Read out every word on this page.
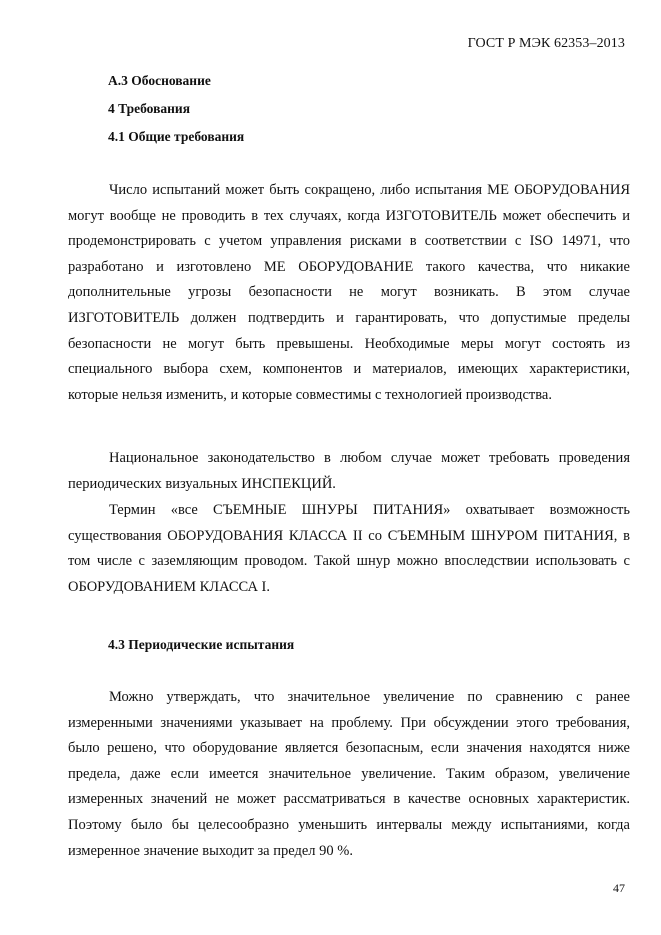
ГОСТ Р МЭК 62353–2013
А.3 Обоснование
4 Требования
4.1 Общие требования

Число испытаний может быть сокращено, либо испытания МЕ ОБОРУДОВАНИЯ могут вообще не проводить в тех случаях, когда ИЗГОТОВИТЕЛЬ может обеспечить и продемонстрировать с учетом управления рисками в соответствии с ISO 14971, что разработано и изготовлено МЕ ОБОРУДОВАНИЕ такого качества, что никакие дополнительные угрозы безопасности не могут возникать. В этом случае ИЗГОТОВИТЕЛЬ должен подтвердить и гарантировать, что допустимые пределы безопасности не могут быть превышены. Необходимые меры могут состоять из специального выбора схем, компонентов и материалов, имеющих характеристики, которые нельзя изменить, и которые совместимы с технологией производства.

Национальное законодательство в любом случае может требовать проведения периодических визуальных ИНСПЕКЦИЙ.

Термин «все СЪЕМНЫЕ ШНУРЫ ПИТАНИЯ» охватывает возможность существования ОБОРУДОВАНИЯ КЛАССА II со СЪЕМНЫМ ШНУРОМ ПИТАНИЯ, в том числе с заземляющим проводом. Такой шнур можно впоследствии использовать с ОБОРУДОВАНИЕМ КЛАССА I.

4.3 Периодические испытания

Можно утверждать, что значительное увеличение по сравнению с ранее измеренными значениями указывает на проблему. При обсуждении этого требования, было решено, что оборудование является безопасным, если значения находятся ниже предела, даже если имеется значительное увеличение. Таким образом, увеличение измеренных значений не может рассматриваться в качестве основных характеристик. Поэтому было бы целесообразно уменьшить интервалы между испытаниями, когда измеренное значение выходит за предел 90 %.

47
